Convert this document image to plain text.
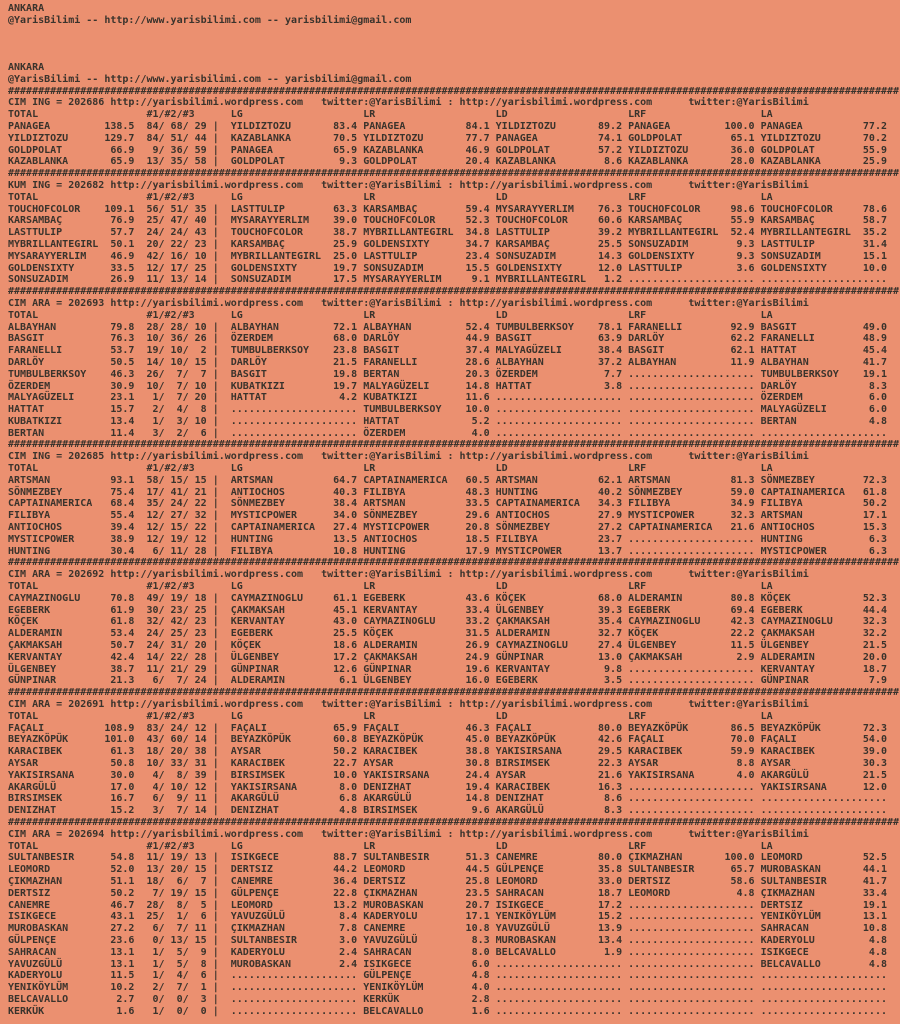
ANKARA
@YarisBilimi -- http://www.yarisbilimi.com -- yarisbilimi@gmail.com
ANKARA
@YarisBilimi -- http://www.yarisbilimi.com -- yarisbilimi@gmail.com
####################################################################################################################################################
CIM ING = 202686 http://yarisbilimi.wordpress.com   twitter:@YarisBilimi : http://yarisbilimi.wordpress.com      twitter:@YarisBilimi
TOTAL                  #1/#2/#3      LG                    LR                    LD                    LRF                   LA
PANAGEA         138.5  84/ 68/ 29 |  YILDIZTOZU       83.4 PANAGEA          84.1 YILDIZTOZU       89.2 PANAGEA         100.0 PANAGEA          77.2
YILDIZTOZU      129.7  84/ 51/ 44 |  KAZABLANKA       70.5 YILDIZTOZU       77.7 PANAGEA          74.1 GOLDPOLAT        65.1 YILDIZTOZU       70.2
GOLDPOLAT        66.9   9/ 36/ 59 |  PANAGEA          65.9 KAZABLANKA       46.9 GOLDPOLAT        57.2 YILDIZTOZU       36.0 GOLDPOLAT        55.9
KAZABLANKA       65.9  13/ 35/ 58 |  GOLDPOLAT         9.3 GOLDPOLAT        20.4 KAZABLANKA        8.6 KAZABLANKA       28.0 KAZABLANKA       25.9
####################################################################################################################################################
KUM ING = 202682 http://yarisbilimi.wordpress.com   twitter:@YarisBilimi : http://yarisbilimi.wordpress.com      twitter:@YarisBilimi
TOTAL                  #1/#2/#3      LG                    LR                    LD                    LRF                   LA
TOUCHOFCOLOR    109.1  56/ 51/ 35 |  LASTTULIP        63.3 KARSAMBAÇ        59.4 MYSARAYYERLIM    76.3 TOUCHOFCOLOR     98.6 TOUCHOFCOLOR     78.6
KARSAMBAÇ        76.9  25/ 47/ 40 |  MYSARAYYERLIM    39.0 TOUCHOFCOLOR     52.3 TOUCHOFCOLOR     60.6 KARSAMBAÇ        55.9 KARSAMBAÇ        58.7
LASTTULIP        57.7  24/ 24/ 43 |  TOUCHOFCOLOR     38.7 MYBRILLANTEGIRL  34.8 LASTTULIP        39.2 MYBRILLANTEGIRL  52.4 MYBRILLANTEGIRL  35.2
MYBRILLANTEGIRL  50.1  20/ 22/ 23 |  KARSAMBAÇ        25.9 GOLDENSIXTY      34.7 KARSAMBAÇ        25.5 SONSUZADIM        9.3 LASTTULIP        31.4
MYSARAYYERLIM    46.9  42/ 16/ 10 |  MYBRILLANTEGIRL  25.0 LASTTULIP        23.4 SONSUZADIM       14.3 GOLDENSIXTY       9.3 SONSUZADIM       15.1
GOLDENSIXTY      33.5  12/ 17/ 25 |  GOLDENSIXTY      19.7 SONSUZADIM       15.5 GOLDENSIXTY      12.0 LASTTULIP         3.6 GOLDENSIXTY      10.0
SONSUZADIM       26.9  11/ 13/ 14 |  SONSUZADIM       17.5 MYSARAYYERLIM     9.1 MYBRILLANTEGIRL   1.2 ..................... .....................
####################################################################################################################################################
CIM ARA = 202693 http://yarisbilimi.wordpress.com   twitter:@YarisBilimi : http://yarisbilimi.wordpress.com      twitter:@YarisBilimi
TOTAL                  #1/#2/#3      LG                    LR                    LD                    LRF                   LA
ALBAYHAN         79.8  28/ 28/ 10 |  ALBAYHAN         72.1 ALBAYHAN         52.4 TUMBULBERKSOY    78.1 FARANELLI        92.9 BASGIT           49.0
BASGIT           76.3  10/ 36/ 26 |  ÖZERDEM          68.0 DARLÖY           44.9 BASGIT           63.9 DARLÖY           62.2 FARANELLI        48.9
FARANELLI        53.7  19/ 10/  2 |  TUMBULBERKSOY    23.8 BASGIT           37.4 MALYAGÜZELI      38.4 BASGIT           62.1 HATTAT           45.4
DARLÖY           50.5  14/ 10/ 15 |  DARLÖY           21.5 FARANELLI        28.6 ALBAYHAN         37.2 ALBAYHAN         11.9 ALBAYHAN         41.7
TUMBULBERKSOY    46.3  26/  7/  7 |  BASGIT           19.8 BERTAN           20.3 ÖZERDEM           7.7 ..................... TUMBULBERKSOY    19.1
ÖZERDEM          30.9  10/  7/ 10 |  KUBATKIZI        19.7 MALYAGÜZELI      14.8 HATTAT            3.8 ..................... DARLÖY            8.3
MALYAGÜZELI      23.1   1/  7/ 20 |  HATTAT            4.2 KUBATKIZI        11.6 ..................... ..................... ÖZERDEM           6.0
HATTAT           15.7   2/  4/  8 |  ..................... TUMBULBERKSOY    10.0 ..................... ..................... MALYAGÜZELI       6.0
KUBATKIZI        13.4   1/  3/ 10 |  ..................... HATTAT            5.2 ..................... ..................... BERTAN            4.8
BERTAN           11.4   3/  2/  6 |  ..................... ÖZERDEM           4.0 ..................... ..................... .....................
####################################################################################################################################################
CIM ING = 202685 http://yarisbilimi.wordpress.com   twitter:@YarisBilimi : http://yarisbilimi.wordpress.com      twitter:@YarisBilimi
TOTAL                  #1/#2/#3      LG                    LR                    LD                    LRF                   LA
ARTSMAN          93.1  58/ 15/ 15 |  ARTSMAN          64.7 CAPTAINAMERICA   60.5 ARTSMAN          62.1 ARTSMAN          81.3 SÖNMEZBEY        72.3
SÖNMEZBEY        75.4  17/ 41/ 21 |  ANTIOCHOS        40.3 FILIBYA          48.3 HUNTING          40.2 SÖNMEZBEY        59.0 CAPTAINAMERICA   61.8
CAPTAINAMERICA   68.4  35/ 24/ 22 |  SÖNMEZBEY        38.4 ARTSMAN          33.5 CAPTAINAMERICA   34.3 FILIBYA          34.9 FILIBYA          50.2
FILIBYA          55.4  12/ 27/ 32 |  MYSTICPOWER      34.0 SÖNMEZBEY        29.6 ANTIOCHOS        27.9 MYSTICPOWER      32.3 ARTSMAN          17.1
ANTIOCHOS        39.4  12/ 15/ 22 |  CAPTAINAMERICA   27.4 MYSTICPOWER      20.8 SÖNMEZBEY        27.2 CAPTAINAMERICA   21.6 ANTIOCHOS        15.3
MYSTICPOWER      38.9  12/ 19/ 12 |  HUNTING          13.5 ANTIOCHOS        18.5 FILIBYA          23.7 ..................... HUNTING           6.3
HUNTING          30.4   6/ 11/ 28 |  FILIBYA          10.8 HUNTING          17.9 MYSTICPOWER      13.7 ..................... MYSTICPOWER       6.3
####################################################################################################################################################
CIM ARA = 202692 http://yarisbilimi.wordpress.com   twitter:@YarisBilimi : http://yarisbilimi.wordpress.com      twitter:@YarisBilimi
TOTAL                  #1/#2/#3      LG                    LR                    LD                    LRF                   LA
CAYMAZINOGLU     70.8  49/ 19/ 18 |  CAYMAZINOGLU     61.1 EGEBERK          43.6 KÖÇEK            68.0 ALDERAMIN        80.8 KÖÇEK            52.3
EGEBERK          61.9  30/ 23/ 25 |  ÇAKMAKSAH        45.1 KERVANTAY        33.4 ÜLGENBEY         39.3 EGEBERK          69.4 EGEBERK          44.4
KÖÇEK            61.8  32/ 42/ 23 |  KERVANTAY        43.0 CAYMAZINOGLU     33.2 ÇAKMAKSAH        35.4 CAYMAZINOGLU     42.3 CAYMAZINOGLU     32.3
ALDERAMIN        53.4  24/ 25/ 23 |  EGEBERK          25.5 KÖÇEK            31.5 ALDERAMIN        32.7 KÖÇEK            22.2 ÇAKMAKSAH        32.2
ÇAKMAKSAH        50.7  24/ 31/ 20 |  KÖÇEK            18.6 ALDERAMIN        26.9 CAYMAZINOGLU     27.4 ÜLGENBEY         11.5 ÜLGENBEY         21.5
KERVANTAY        42.4  14/ 22/ 28 |  ÜLGENBEY         17.2 ÇAKMAKSAH        24.9 GÜNPINAR         13.0 ÇAKMAKSAH         2.9 ALDERAMIN        20.0
ÜLGENBEY         38.7  11/ 21/ 29 |  GÜNPINAR         12.6 GÜNPINAR         19.6 KERVANTAY         9.8 ..................... KERVANTAY        18.7
GÜNPINAR         21.3   6/  7/ 24 |  ALDERAMIN         6.1 ÜLGENBEY         16.0 EGEBERK           3.5 ..................... GÜNPINAR          7.9
####################################################################################################################################################
CIM ARA = 202691 http://yarisbilimi.wordpress.com   twitter:@YarisBilimi : http://yarisbilimi.wordpress.com      twitter:@YarisBilimi
TOTAL                  #1/#2/#3      LG                    LR                    LD                    LRF                   LA
FAÇALI          108.9  83/ 24/ 12 |  FAÇALI           65.9 FAÇALI           46.3 FAÇALI           80.0 BEYAZKÖPÜK       86.5 BEYAZKÖPÜK       72.3
BEYAZKÖPÜK      101.0  43/ 60/ 14 |  BEYAZKÖPÜK       60.8 BEYAZKÖPÜK       45.0 BEYAZKÖPÜK       42.6 FAÇALI           70.0 FAÇALI           54.0
KARACIBEK        61.3  18/ 20/ 38 |  AYSAR            50.2 KARACIBEK        38.8 YAKISIRSANA      29.5 KARACIBEK        59.9 KARACIBEK        39.0
AYSAR            50.8  10/ 33/ 31 |  KARACIBEK        22.7 AYSAR            30.8 BIRSIMSEK        22.3 AYSAR             8.8 AYSAR            30.3
YAKISIRSANA      30.0   4/  8/ 39 |  BIRSIMSEK        10.0 YAKISIRSANA      24.4 AYSAR            21.6 YAKISIRSANA       4.0 AKARGÜLÜ         21.5
AKARGÜLÜ         17.0   4/ 10/ 12 |  YAKISIRSANA       8.0 DENIZHAT         19.4 KARACIBEK        16.3 ..................... YAKISIRSANA      12.0
BIRSIMSEK        16.7   6/  9/ 11 |  AKARGÜLÜ          6.8 AKARGÜLÜ         14.8 DENIZHAT          8.6 ..................... .....................
DENIZHAT         15.2   3/  7/ 14 |  DENIZHAT          4.8 BIRSIMSEK         9.6 AKARGÜLÜ          8.3 ..................... .....................
####################################################################################################################################################
CIM ARA = 202694 http://yarisbilimi.wordpress.com   twitter:@YarisBilimi : http://yarisbilimi.wordpress.com      twitter:@YarisBilimi
TOTAL                  #1/#2/#3      LG                    LR                    LD                    LRF                   LA
SULTANBESIR      54.8  11/ 19/ 13 |  ISIKGECE         88.7 SULTANBESIR      51.3 CANEMRE          80.0 ÇIKMAZHAN       100.0 LEOMORD          52.5
LEOMORD          52.0  13/ 20/ 15 |  DERTSIZ          44.2 LEOMORD          44.5 GÜLPENÇE         35.8 SULTANBESIR      65.7 MUROBASKAN       44.1
ÇIKMAZHAN        51.1  18/  6/  7 |  CANEMRE          36.4 DERTSIZ          25.8 LEOMORD          33.0 DERTSIZ          58.6 SULTANBESIR      41.7
DERTSIZ          50.2   7/ 19/ 15 |  GÜLPENÇE         22.8 ÇIKMAZHAN        23.5 SAHRACAN         18.7 LEOMORD           4.8 ÇIKMAZHAN        33.4
CANEMRE          46.7  28/  8/  5 |  LEOMORD          13.2 MUROBASKAN       20.7 ISIKGECE         17.2 ..................... DERTSIZ          19.1
ISIKGECE         43.1  25/  1/  6 |  YAVUZGÜLÜ         8.4 KADERYOLU        17.1 YENIKÖYLÜM       15.2 ..................... YENIKÖYLÜM       13.1
MUROBASKAN       27.2   6/  7/ 11 |  ÇIKMAZHAN         7.8 CANEMRE          10.8 YAVUZGÜLÜ        13.9 ..................... SAHRACAN         10.8
GÜLPENÇE         23.6   0/ 13/ 15 |  SULTANBESIR       3.0 YAVUZGÜLÜ         8.3 MUROBASKAN       13.4 ..................... KADERYOLU         4.8
SAHRACAN         13.1   1/  5/  9 |  KADERYOLU         2.4 SAHRACAN          8.0 BELCAVALLO        1.9 ..................... ISIKGECE          4.8
YAVUZGÜLÜ        13.1   1/  5/  8 |  MUROBASKAN        2.4 ISIKGECE          6.0 ..................... ..................... BELCAVALLO        4.8
KADERYOLU        11.5   1/  4/  6 |  ..................... GÜLPENÇE          4.8 ..................... ..................... .....................
YENIKÖYLÜM       10.2   2/  7/  1 |  ..................... YENIKÖYLÜM        4.0 ..................... ..................... .....................
BELCAVALLO        2.7   0/  0/  3 |  ..................... KERKÜK            2.8 ..................... ..................... .....................
KERKÜK            1.6   1/  0/  0 |  ..................... BELCAVALLO        1.6 ..................... ..................... .....................
